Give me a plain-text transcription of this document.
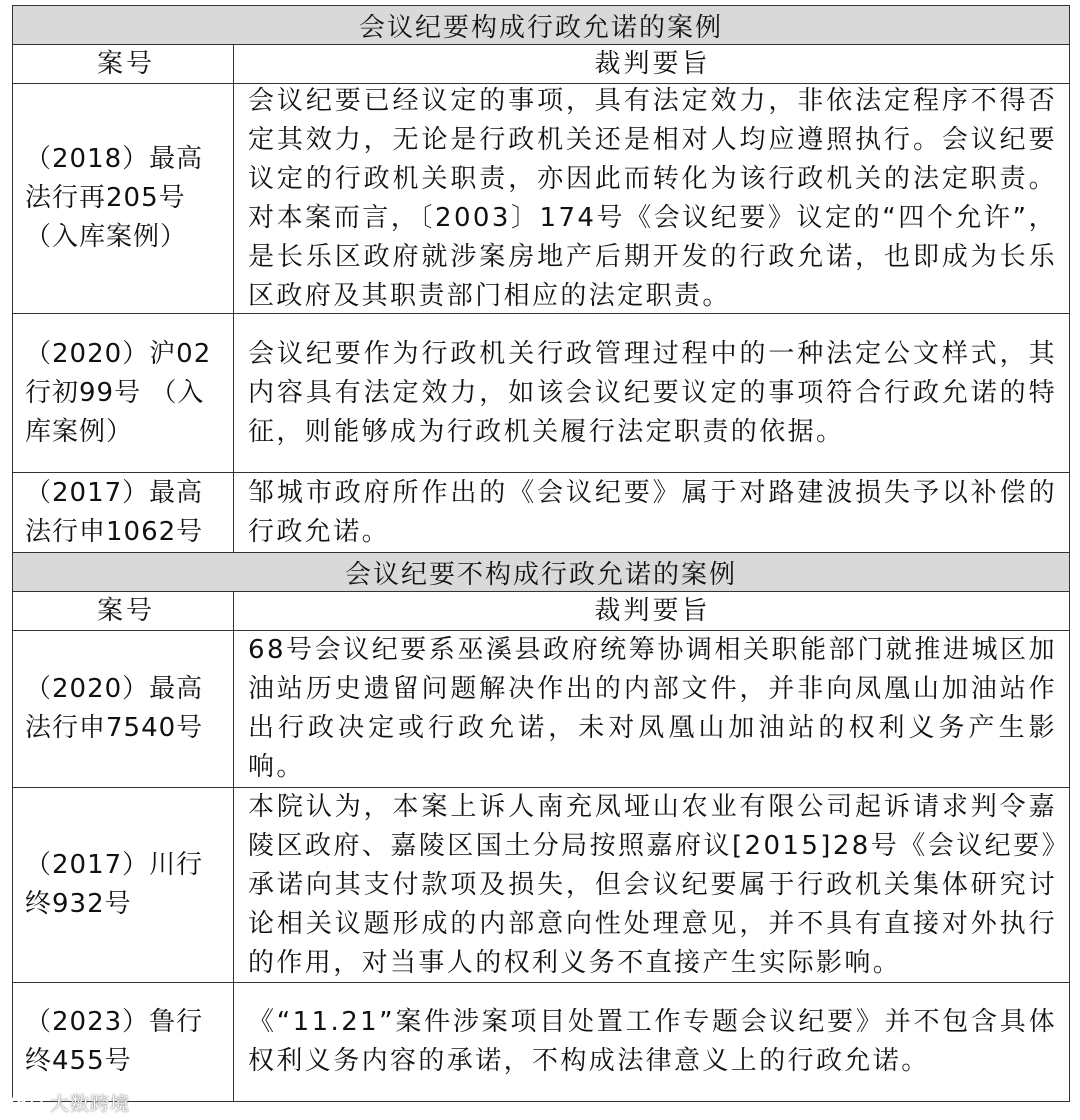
会议纪要构成行政允诺的案例
案号	裁判要旨
（2018）最高法行再205号 （入库案例）
会议纪要已经议定的事项，具有法定效力，非依法定程序不得否定其效力，无论是行政机关还是相对人均应遵照执行。会议纪要议定的行政机关职责，亦因此而转化为该行政机关的法定职责。对本案而言，〔2003〕174号《会议纪要》议定的“四个允许”，是长乐区政府就涉案房地产后期开发的行政允诺，也即成为长乐区政府及其职责部门相应的法定职责。
（2020）沪02行初99号 （入库案例）
会议纪要作为行政机关行政管理过程中的一种法定公文样式，其内容具有法定效力，如该会议纪要议定的事项符合行政允诺的特征，则能够成为行政机关履行法定职责的依据。
（2017）最高法行申1062号
邹城市政府所作出的《会议纪要》属于对路建波损失予以补偿的行政允诺。
会议纪要不构成行政允诺的案例
案号	裁判要旨
（2020）最高法行申7540号
68号会议纪要系巫溪县政府统筹协调相关职能部门就推进城区加油站历史遗留问题解决作出的内部文件，并非向凤凰山加油站作出行政决定或行政允诺，未对凤凰山加油站的权利义务产生影响。
（2017）川行终932号
本院认为，本案上诉人南充凤垭山农业有限公司起诉请求判令嘉陵区政府、嘉陵区国土分局按照嘉府议[2015]28号《会议纪要》承诺向其支付款项及损失，但会议纪要属于行政机关集体研究讨论相关议题形成的内部意向性处理意见，并不具有直接对外执行的作用，对当事人的权利义务不直接产生实际影响。
（2023）鲁行终455号
《“11.21”案件涉案项目处置工作专题会议纪要》并不包含具体权利义务内容的承诺，不构成法律意义上的行政允诺。
大数跨境
